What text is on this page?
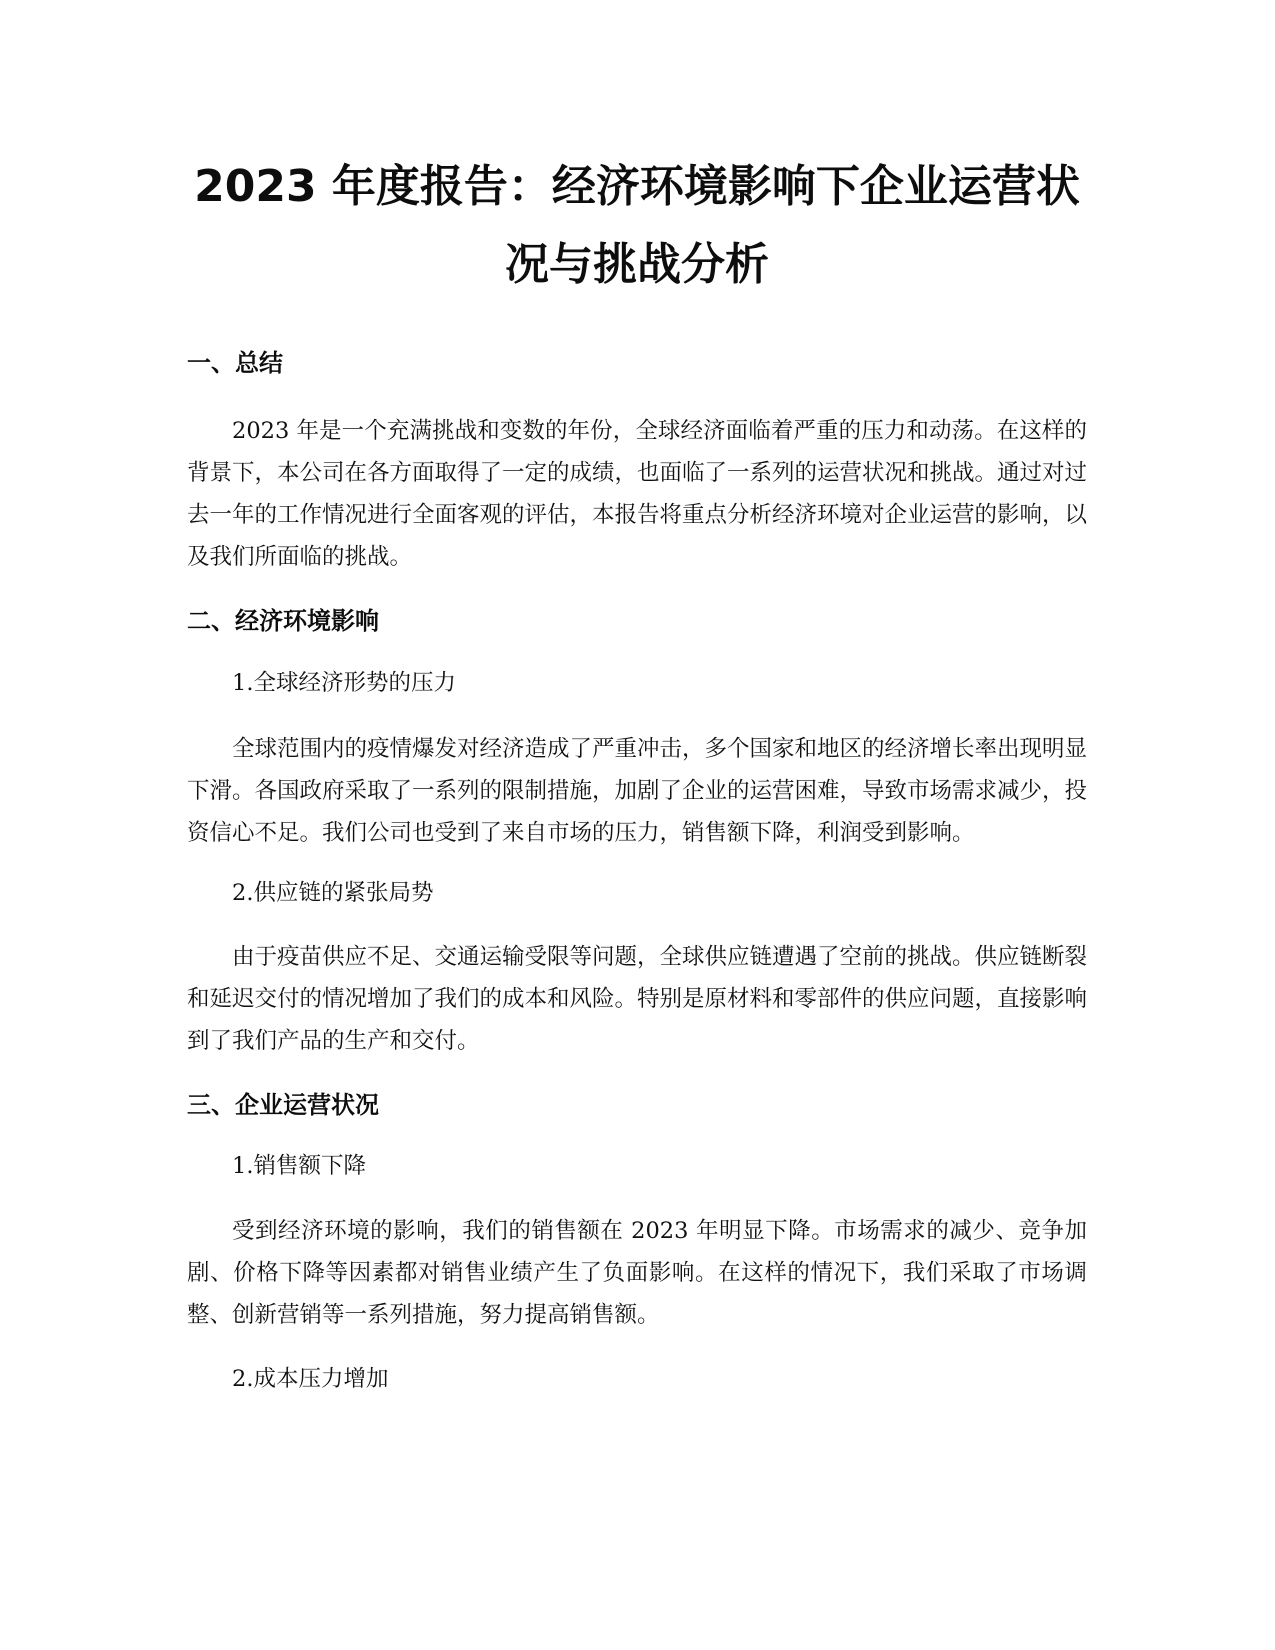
2023 年度报告：经济环境影响下企业运营状况与挑战分析
一、总结

2023 年是一个充满挑战和变数的年份，全球经济面临着严重的压力和动荡。在这样的背景下，本公司在各方面取得了一定的成绩，也面临了一系列的运营状况和挑战。通过对过去一年的工作情况进行全面客观的评估，本报告将重点分析经济环境对企业运营的影响，以及我们所面临的挑战。

二、经济环境影响

1.全球经济形势的压力

全球范围内的疫情爆发对经济造成了严重冲击，多个国家和地区的经济增长率出现明显下滑。各国政府采取了一系列的限制措施，加剧了企业的运营困难，导致市场需求减少，投资信心不足。我们公司也受到了来自市场的压力，销售额下降，利润受到影响。

2.供应链的紧张局势

由于疫苗供应不足、交通运输受限等问题，全球供应链遭遇了空前的挑战。供应链断裂和延迟交付的情况增加了我们的成本和风险。特别是原材料和零部件的供应问题，直接影响到了我们产品的生产和交付。

三、企业运营状况

1.销售额下降

受到经济环境的影响，我们的销售额在 2023 年明显下降。市场需求的减少、竞争加剧、价格下降等因素都对销售业绩产生了负面影响。在这样的情况下，我们采取了市场调整、创新营销等一系列措施，努力提高销售额。

2.成本压力增加
